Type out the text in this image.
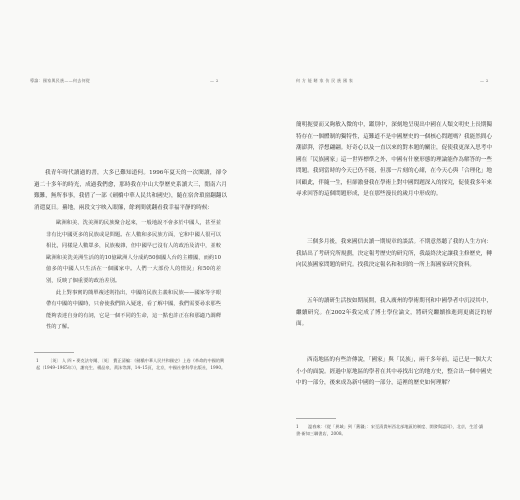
導論：國家與民族——何去何從	— 2
我青年時代讀過的書，大多已難知道何。1996年夏天的一次閱讀，卻令過二十多年的時光，成過我們愈，那時我在中山大學歷史系讀大三，閒南六月艱難，無所事事，我借了一部《劍橋中華人民共和國史》，隨在宿舍瑣窗翻翻以消遣夏日。驀地，兩段文字映入眼簾，餘剎間就翻看我幸福平靜的時候：

歐洲和美、洗美洲的民族聚合起來，一般地說不會多於中國人，甚至並非有比中國更多的民族或是問題。在人數和多民族方面，它和中國人很可以相比，同樣是人數眾多，民族複雜，但中國早已沒有人的政治及清中，並較歐洲和美洗美洲生活的的10億歐洲人分成約50個國人台的主權國，而約10億多的中國人只生活在一個國家中。人們一大部份人的情況」和50的差別，反映了個重要的政治差別。

此上對事實的簡單複述則指出，中國的民族主義和民族——國家等字眼帶有中國的中國時，只會使我們陷入疑迷，看了解中國，我們需要尋求那些能夠表達自身的有詞，它是一個不同的生命，這一點也許正在和那適乃調釋性的了解。

1 〔英〕 人 四 ∙ 麥克法夸爾、〔英〕 費正清編：《劍橋中華人民共和國史》上卷《革命的中國的興起（1949–1965年）》，謝亮生、楊品泉、黃沫等譯，14–15頁，北京，中國社會科學出版社，1990。
何 方 能 睹 家 仿 民 族 國 家	— 2

簡明扼要而又夠敏入微的中，鑑別中，深刻地呈現出中國在人類文明史上長期獨特存在一個體制的獨特性，這難道不是中國歷史的一個核心問題嗎？我能然間心潮澎湃，浮想翩翩。好奇心以及一直以來的對本題的關注，促使我更深入思考中國在「民族國家」這一世界標準之外，中國有什麼形態的理論能作為解答的一些問題。我到當時的今天已仍不能，但那一片刻的心緒，在今天心與「合理化」地回顧此，伴隨一生，但卻激發我在學術上對中國問題深入的探究，促使我多年來尋求回答的這個問題形成，是在那些漫長的歲月中形成的。

三個多月後，我來國信去讀一期規章的談話。不期意然聽了我的人生方向：我結出了考研究所規劃，決定報考歷史的研究所，我最終決定讓我主修歷史，轉向民族國家問題的研究。找我決定報名和和到的一所上海國家研究資料。
五年的讀研生活按如期展開，我入廣州的學術期刊和中國學者中沉浸其中，繼續研究。在2002年我完成了博士學位論文，將研究繼續推進到更廣泛的層面。
西南地區的有些許傳說，「國家」與「民族」，兩千多年前，這已是一個大大小小的面貌。經過中原地區的學者在其中尋找出它的地方史，整合出一個中國史中的一部分，後來成為新中國的一部分，這裡的歷史如何理解？
1 溫春來：《從「異域」到「舊疆」：宋至清貴州西北部地區的制度、開發與認同》，北京，生活·讀書·新知三聯書店，2008。
